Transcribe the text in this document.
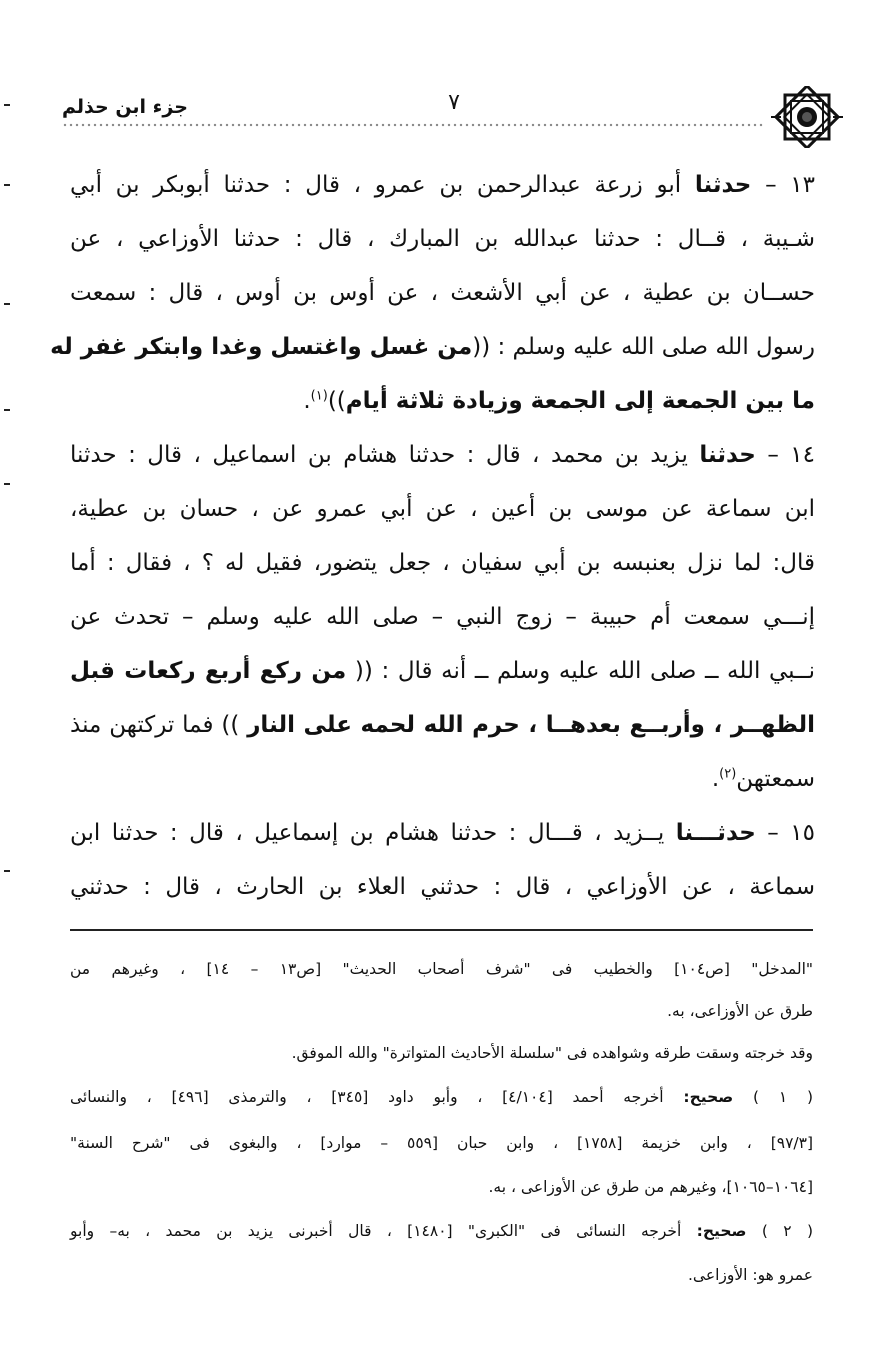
٧
جزء ابن حذلم
١٣ – حدثنا أبو زرعة عبدالرحمن بن عمرو ، قال : حدثنا أبوبكر بن أبي
شـيبة ، قــال : حدثنا عبدالله بن المبارك ، قال : حدثنا الأوزاعي ، عن
حســان بن عطية ، عن أبي الأشعث ، عن أوس بن أوس ، قال : سمعت
رسول الله صلى الله عليه وسلم : ((من غسل واغتسل وغدا وابتكر غفر له
ما بين الجمعة إلى الجمعة وزيادة ثلاثة أيام))$^{(١)}$.
١٤ – حدثنا يزيد بن محمد ، قال : حدثنا هشام بن اسماعيل ، قال : حدثنا
ابن سماعة عن موسى بن أعين ، عن أبي عمرو عن ، حسان بن عطية،
قال: لما نزل بعنبسه بن أبي سفيان ، جعل يتضور، فقيل له ؟ ، فقال : أما
إنـــي سمعت أم حبيبة – زوج النبي – صلى الله عليه وسلم – تحدث عن
نــبي الله ــ صلى الله عليه وسلم ــ أنه قال : (( من ركع أربع ركعات قبل
الظهــر ، وأربــع بعدهــا ، حرم الله لحمه على النار )) فما تركتهن منذ
سمعتهن$^{(٢)}$.
١٥ – حدثـــنا يــزيد ، قـــال : حدثنا هشام بن إسماعيل ، قال : حدثنا ابن
سماعة ، عن الأوزاعي ، قال : حدثني العلاء بن الحارث ، قال : حدثني
"المدخل" [ص١٠٤] والخطيب فى "شرف أصحاب الحديث" [ص١٣ – ١٤] ، وغيرهم من
طرق عن الأوزاعى، به.
وقد خرجته وسقت طرقه وشواهده فى "سلسلة الأحاديث المتواترة" والله الموفق.
( ١ ) صحيح: أخرجه أحمد [٤/١٠٤] ، وأبو داود [٣٤٥] ، والترمذى [٤٩٦] ، والنسائى
[٩٧/٣] ، وابن خزيمة [١٧٥٨] ، وابن حبان [٥٥٩ – موارد] ، والبغوى فى "شرح السنة"
[١٠٦٤–١٠٦٥]، وغيرهم من طرق عن الأوزاعى ، به.
( ٢ ) صحيح: أخرجه النسائى فى "الكبرى" [١٤٨٠] ، قال أخبرنى يزيد بن محمد ، به– وأبو
عمرو هو: الأوزاعى.
